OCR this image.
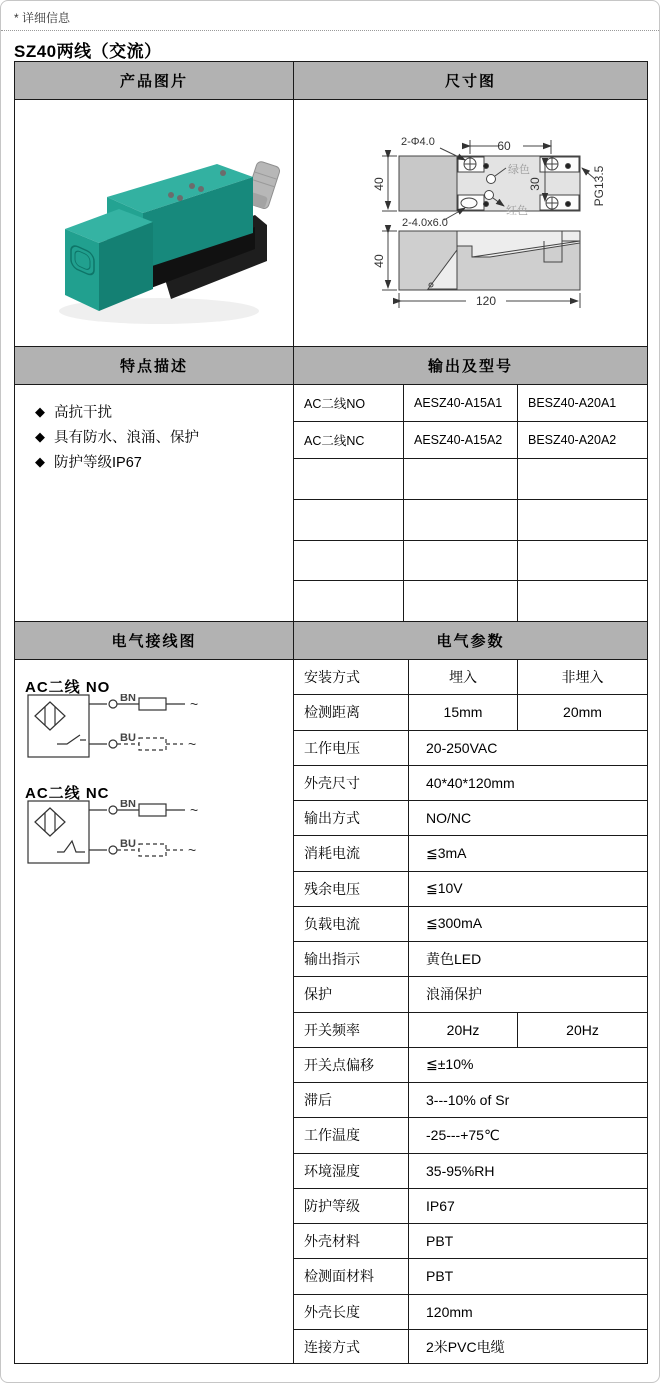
* 详细信息
SZ40两线（交流）
产品图片	尺寸图
2-Φ4.0	60
绿色
红色
40	30	PG13.5
2-4.0x6.0
40
120
特点描述	输出及型号
◆ 高抗干扰
◆ 具有防水、浪涌、保护
◆ 防护等级IP67
AC二线NO	AESZ40-A15A1	BESZ40-A20A1
AC二线NC	AESZ40-A15A2	BESZ40-A20A2
电气接线图	电气参数
AC二线 NO
BN
BU
~
~
AC二线 NC
BN
BU
~
~
安装方式	埋入	非埋入
检测距离	15mm	20mm
工作电压	20-250VAC
外壳尺寸	40*40*120mm
输出方式	NO/NC
消耗电流	≦3mA
残余电压	≦10V
负载电流	≦300mA
输出指示	黄色LED
保护	浪涌保护
开关频率	20Hz	20Hz
开关点偏移	≦±10%
滞后	3---10% of Sr
工作温度	-25---+75℃
环境湿度	35-95%RH
防护等级	IP67
外壳材料	PBT
检测面材料	PBT
外壳长度	120mm
连接方式	2米PVC电缆
